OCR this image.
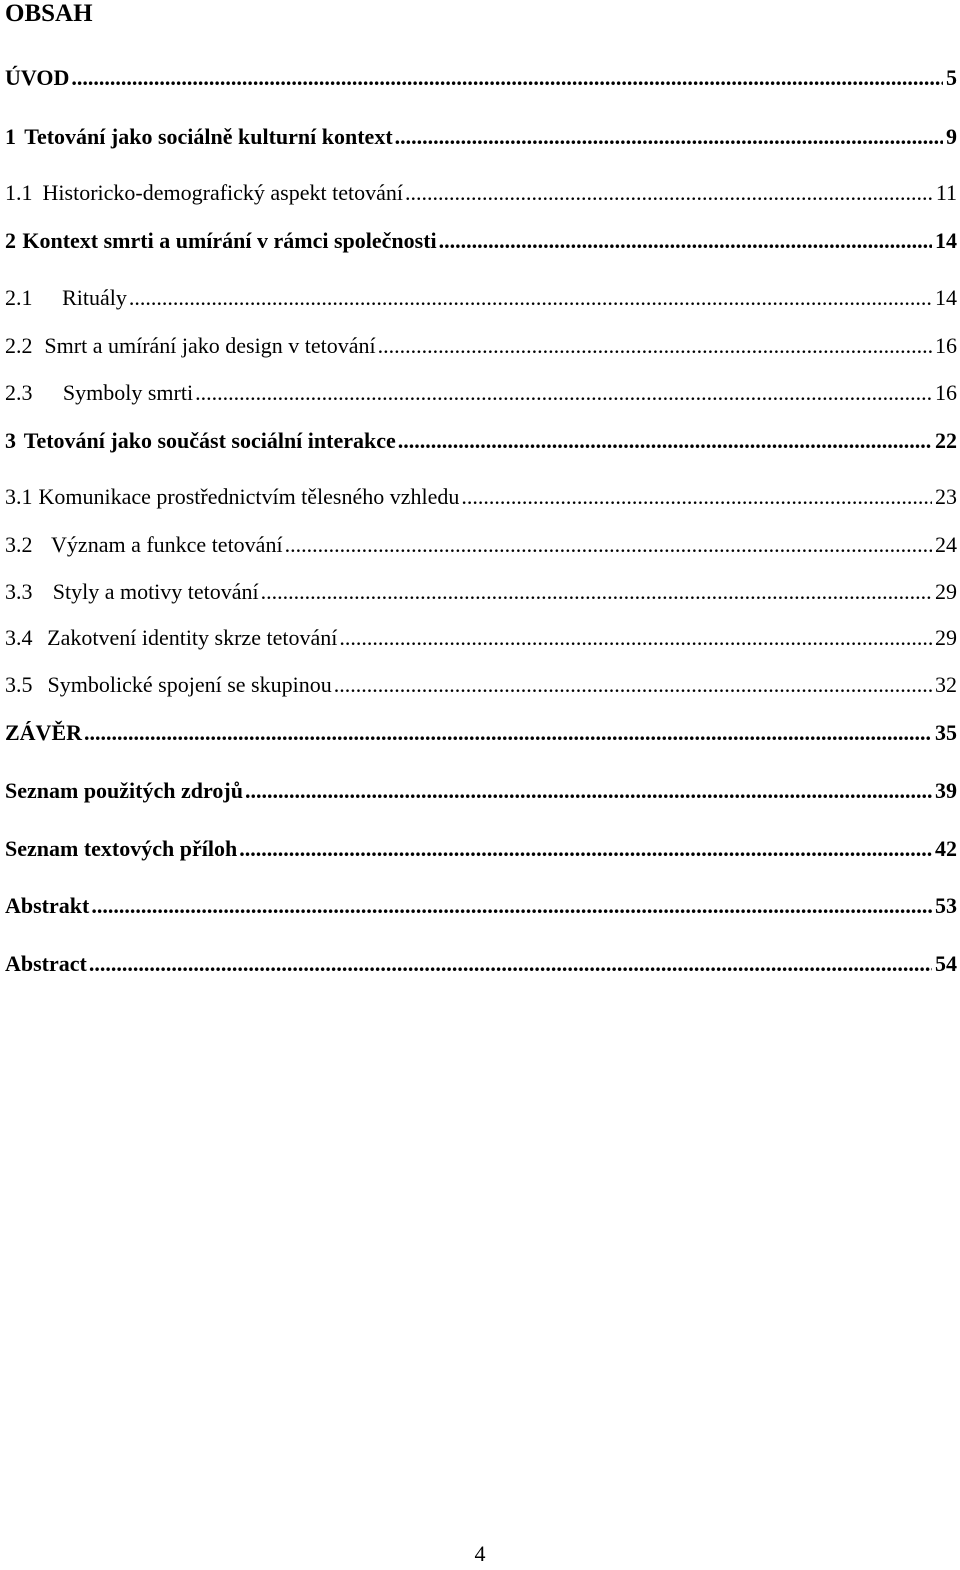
OBSAH
ÚVOD .....	5
1 Tetování jako sociálně kulturní kontext .....	9
1.1 Historicko-demografický aspekt tetování .....	11
2 Kontext smrti a umírání v rámci společnosti .....	14
2.1	Rituály .....	14
2.2 Smrt a umírání jako design v tetování .....	16
2.3	Symboly smrti .....	16
3 Tetování jako součást sociální interakce .....	22
3.1 Komunikace prostřednictvím tělesného vzhledu .....	23
3.2 Význam a funkce tetování .....	24
3.3 Styly a motivy tetování .....	29
3.4 Zakotvení identity skrze tetování .....	29
3.5 Symbolické spojení se skupinou .....	32
ZÁVĚR .....	35
Seznam použitých zdrojů .....	39
Seznam textových příloh .....	42
Abstrakt .....	53
Abstract .....	54
4
